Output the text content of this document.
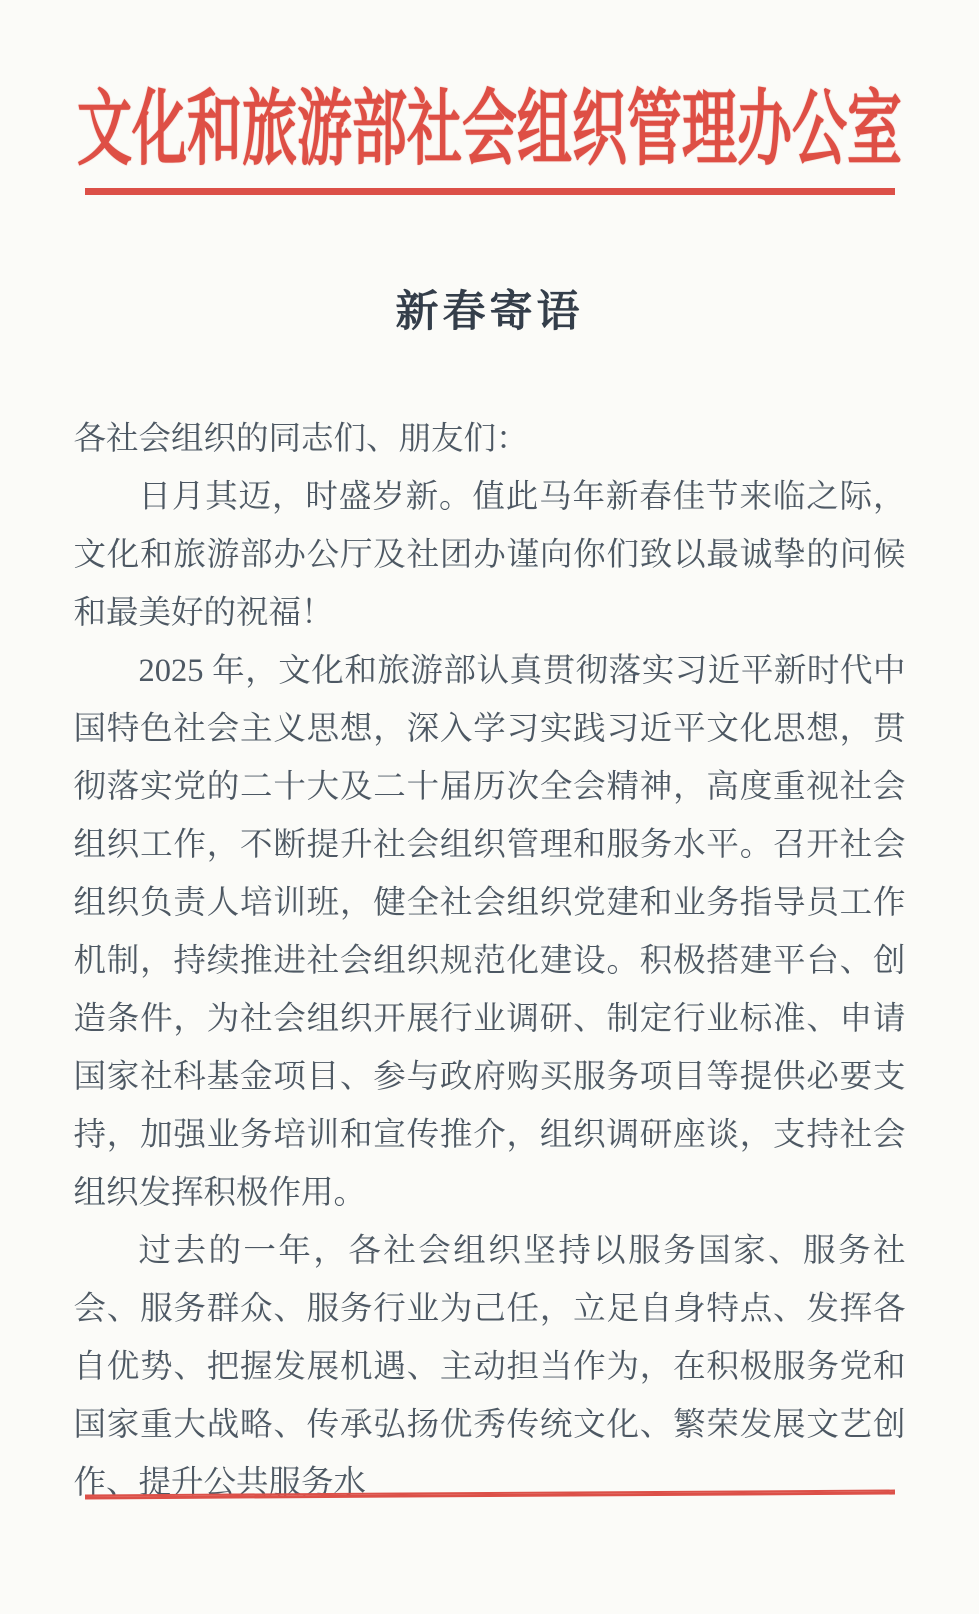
文化和旅游部社会组织管理办公室
新春寄语

各社会组织的同志们、朋友们：

日月其迈，时盛岁新。值此马年新春佳节来临之际，文化和旅游部办公厅及社团办谨向你们致以最诚挚的问候和最美好的祝福！

2025 年，文化和旅游部认真贯彻落实习近平新时代中国特色社会主义思想，深入学习实践习近平文化思想，贯彻落实党的二十大及二十届历次全会精神，高度重视社会组织工作，不断提升社会组织管理和服务水平。召开社会组织负责人培训班，健全社会组织党建和业务指导员工作机制，持续推进社会组织规范化建设。积极搭建平台、创造条件，为社会组织开展行业调研、制定行业标准、申请国家社科基金项目、参与政府购买服务项目等提供必要支持，加强业务培训和宣传推介，组织调研座谈，支持社会组织发挥积极作用。

过去的一年，各社会组织坚持以服务国家、服务社会、服务群众、服务行业为己任，立足自身特点、发挥各自优势、把握发展机遇、主动担当作为，在积极服务党和国家重大战略、传承弘扬优秀传统文化、繁荣发展文艺创作、提升公共服务水
